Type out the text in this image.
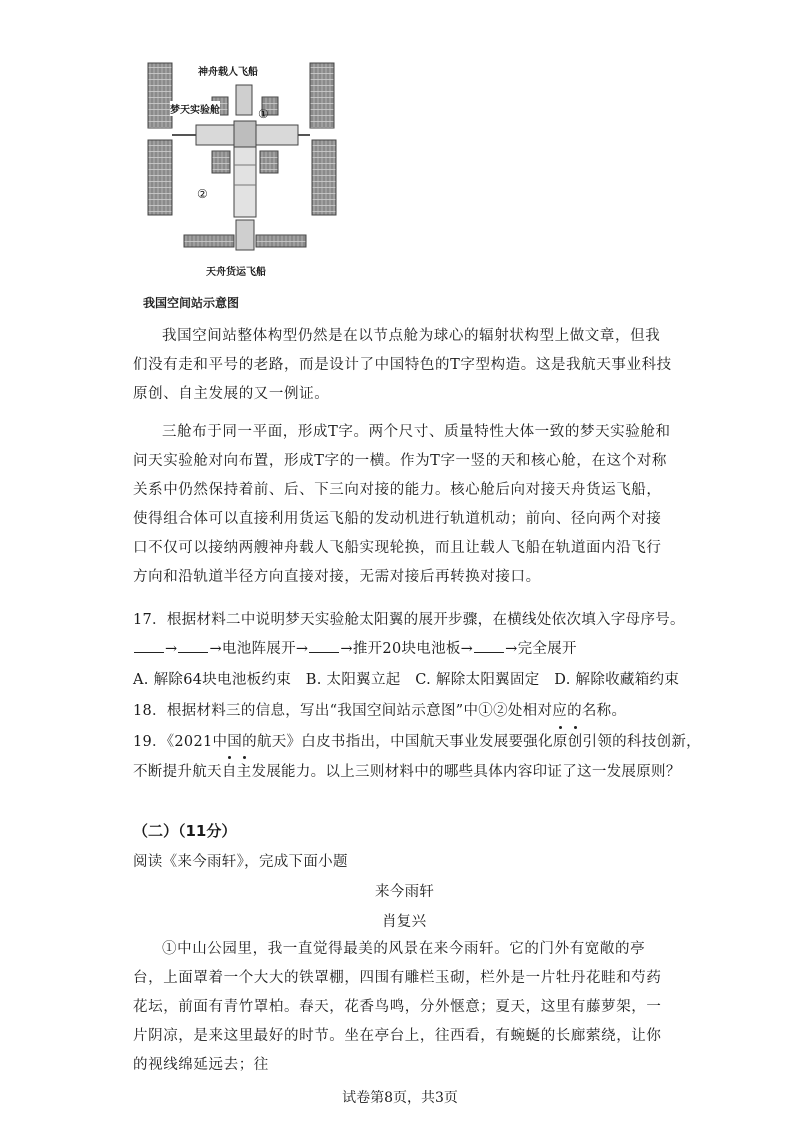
神舟载人飞船
梦天实验舱	①
②
天舟货运飞船
我国空间站示意图
我国空间站整体构型仍然是在以节点舱为球心的辐射状构型上做文章，但我们没有走和平号的老路，而是设计了中国特色的T字型构造。这是我航天事业科技原创、自主发展的又一例证。
三舱布于同一平面，形成T字。两个尺寸、质量特性大体一致的梦天实验舱和问天实验舱对向布置，形成T字的一横。作为T字一竖的天和核心舱，在这个对称关系中仍然保持着前、后、下三向对接的能力。核心舱后向对接天舟货运飞船，使得组合体可以直接利用货运飞船的发动机进行轨道机动；前向、径向两个对接口不仅可以接纳两艘神舟载人飞船实现轮换，而且让载人飞船在轨道面内沿飞行方向和沿轨道半径方向直接对接，无需对接后再转换对接口。
17．根据材料二中说明梦天实验舱太阳翼的展开步骤，在横线处依次填入字母序号。
→ →电池阵展开→ →推开20块电池板→ →完全展开
A. 解除64块电池板约束   B. 太阳翼立起   C. 解除太阳翼固定   D. 解除收藏箱约束
18．根据材料三的信息，写出“我国空间站示意图”中①②处相对应的名称。
19．《2021中国的航天》白皮书指出，中国航天事业发展要强化原创引领的科技创新，
不断提升航天自主发展能力。以上三则材料中的哪些具体内容印证了这一发展原则？
（二）（11分）
阅读《来今雨轩》，完成下面小题
来今雨轩
肖复兴
①中山公园里，我一直觉得最美的风景在来今雨轩。它的门外有宽敞的亭台，上面罩着一个大大的铁罩棚，四围有雕栏玉砌，栏外是一片牡丹花畦和芍药花坛，前面有青竹罩柏。春天，花香鸟鸣，分外惬意；夏天，这里有藤萝架，一片阴凉，是来这里最好的时节。坐在亭台上，往西看，有蜿蜒的长廊萦绕，让你的视线绵延远去；往
试卷第8页，共3页
